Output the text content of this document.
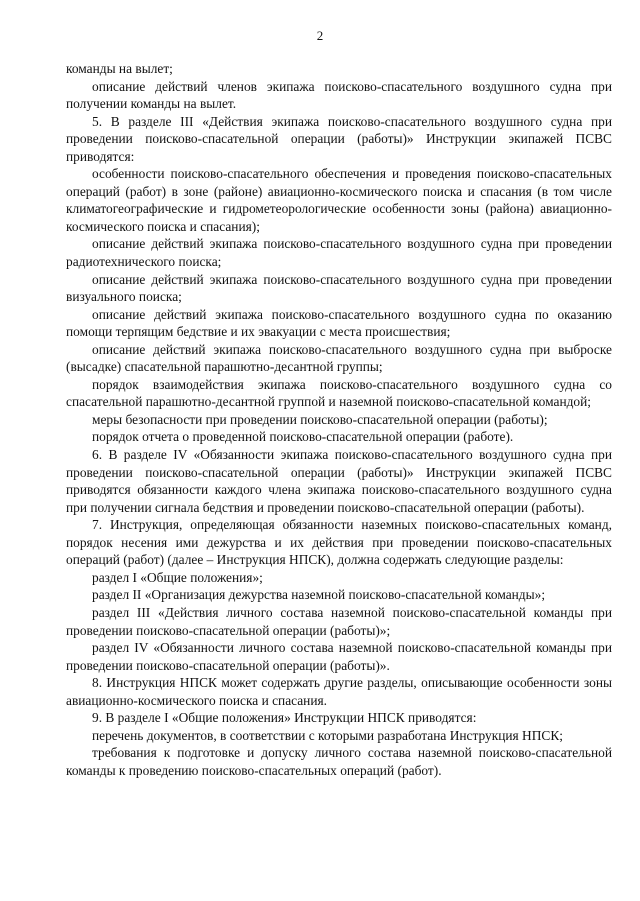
2

команды на вылет;

описание действий членов экипажа поисково-спасательного воздушного судна при получении команды на вылет.

5. В разделе III «Действия экипажа поисково-спасательного воздушного судна при проведении поисково-спасательной операции (работы)» Инструкции экипажей ПСВС приводятся:

особенности поисково-спасательного обеспечения и проведения поисково-спасательных операций (работ) в зоне (районе) авиационно-космического поиска и спасания (в том числе климатогеографические и гидрометеорологические особенности зоны (района) авиационно-космического поиска и спасания);

описание действий экипажа поисково-спасательного воздушного судна при проведении радиотехнического поиска;

описание действий экипажа поисково-спасательного воздушного судна при проведении визуального поиска;

описание действий экипажа поисково-спасательного воздушного судна по оказанию помощи терпящим бедствие и их эвакуации с места происшествия;

описание действий экипажа поисково-спасательного воздушного судна при выброске (высадке) спасательной парашютно-десантной группы;

порядок взаимодействия экипажа поисково-спасательного воздушного судна со спасательной парашютно-десантной группой и наземной поисково-спасательной командой;

меры безопасности при проведении поисково-спасательной операции (работы);

порядок отчета о проведенной поисково-спасательной операции (работе).

6. В разделе IV «Обязанности экипажа поисково-спасательного воздушного судна при проведении поисково-спасательной операции (работы)» Инструкции экипажей ПСВС приводятся обязанности каждого члена экипажа поисково-спасательного воздушного судна при получении сигнала бедствия и проведении поисково-спасательной операции (работы).

7. Инструкция, определяющая обязанности наземных поисково-спасательных команд, порядок несения ими дежурства и их действия при проведении поисково-спасательных операций (работ) (далее – Инструкция НПСК), должна содержать следующие разделы:

раздел I «Общие положения»;

раздел II «Организация дежурства наземной поисково-спасательной команды»;

раздел III «Действия личного состава наземной поисково-спасательной команды при проведении поисково-спасательной операции (работы)»;

раздел IV «Обязанности личного состава наземной поисково-спасательной команды при проведении поисково-спасательной операции (работы)».

8. Инструкция НПСК может содержать другие разделы, описывающие особенности зоны авиационно-космического поиска и спасания.

9. В разделе I «Общие положения» Инструкции НПСК приводятся:

перечень документов, в соответствии с которыми разработана Инструкция НПСК;

требования к подготовке и допуску личного состава наземной поисково-спасательной команды к проведению поисково-спасательных операций (работ).
